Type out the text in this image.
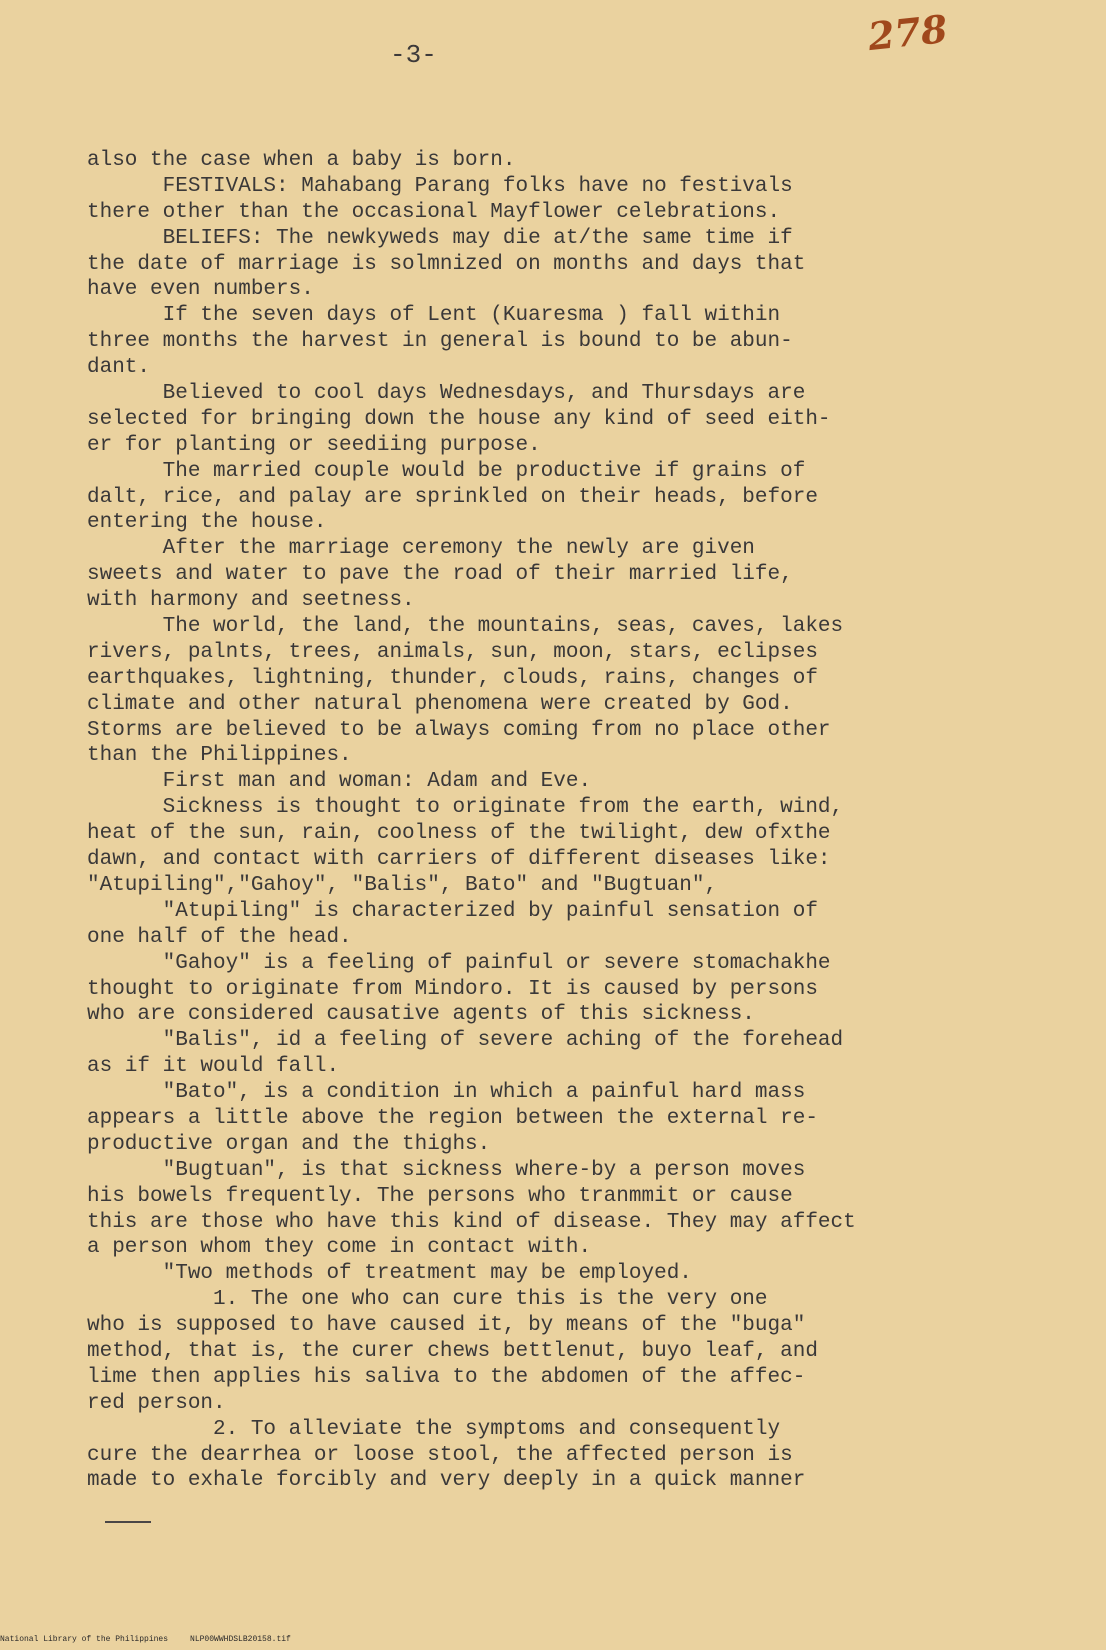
278
-3-
also the case when a baby is born.
FESTIVALS: Mahabang Parang folks have no festivals
there other than the occasional Mayflower celebrations.
BELIEFS: The newkyweds may die at/the same time if
the date of marriage is solmnized on months and days that
have even numbers.
If the seven days of Lent (Kuaresma ) fall within
three months the harvest in general is bound to be abun-
dant.
Believed to cool days Wednesdays, and Thursdays are
selected for bringing down the house any kind of seed eith-
er for planting or seediing purpose.
The married couple would be productive if grains of
dalt, rice, and palay are sprinkled on their heads, before
entering the house.
After the marriage ceremony the newly are given
sweets and water to pave the road of their married life,
with harmony and seetness.
The world, the land, the mountains, seas, caves, lakes
rivers, palnts, trees, animals, sun, moon, stars, eclipses
earthquakes, lightning, thunder, clouds, rains, changes of
climate and other natural phenomena were created by God.
Storms are believed to be always coming from no place other
than the Philippines.
First man and woman: Adam and Eve.
Sickness is thought to originate from the earth, wind,
heat of the sun, rain, coolness of the twilight, dew ofxthe
dawn, and contact with carriers of different diseases like:
"Atupiling","Gahoy", "Balis", Bato" and "Bugtuan",
"Atupiling" is characterized by painful sensation of
one half of the head.
"Gahoy" is a feeling of painful or severe stomachakhe
thought to originate from Mindoro. It is caused by persons
who are considered causative agents of this sickness.
"Balis", id a feeling of severe aching of the forehead
as if it would fall.
"Bato", is a condition in which a painful hard mass
appears a little above the region between the external re-
productive organ and the thighs.
"Bugtuan", is that sickness where-by a person moves
his bowels frequently. The persons who tranmmit or cause
this are those who have this kind of disease. They may affect
a person whom they come in contact with.
"Two methods of treatment may be employed.
1. The one who can cure this is the very one
who is supposed to have caused it, by means of the "buga"
method, that is, the curer chews bettlenut, buyo leaf, and
lime then applies his saliva to the abdomen of the affec-
red person.
2. To alleviate the symptoms and consequently
cure the dearrhea or loose stool, the affected person is
made to exhale forcibly and very deeply in a quick manner
National Library of the Philippines	NLP00WWHDSLB20158.tif
